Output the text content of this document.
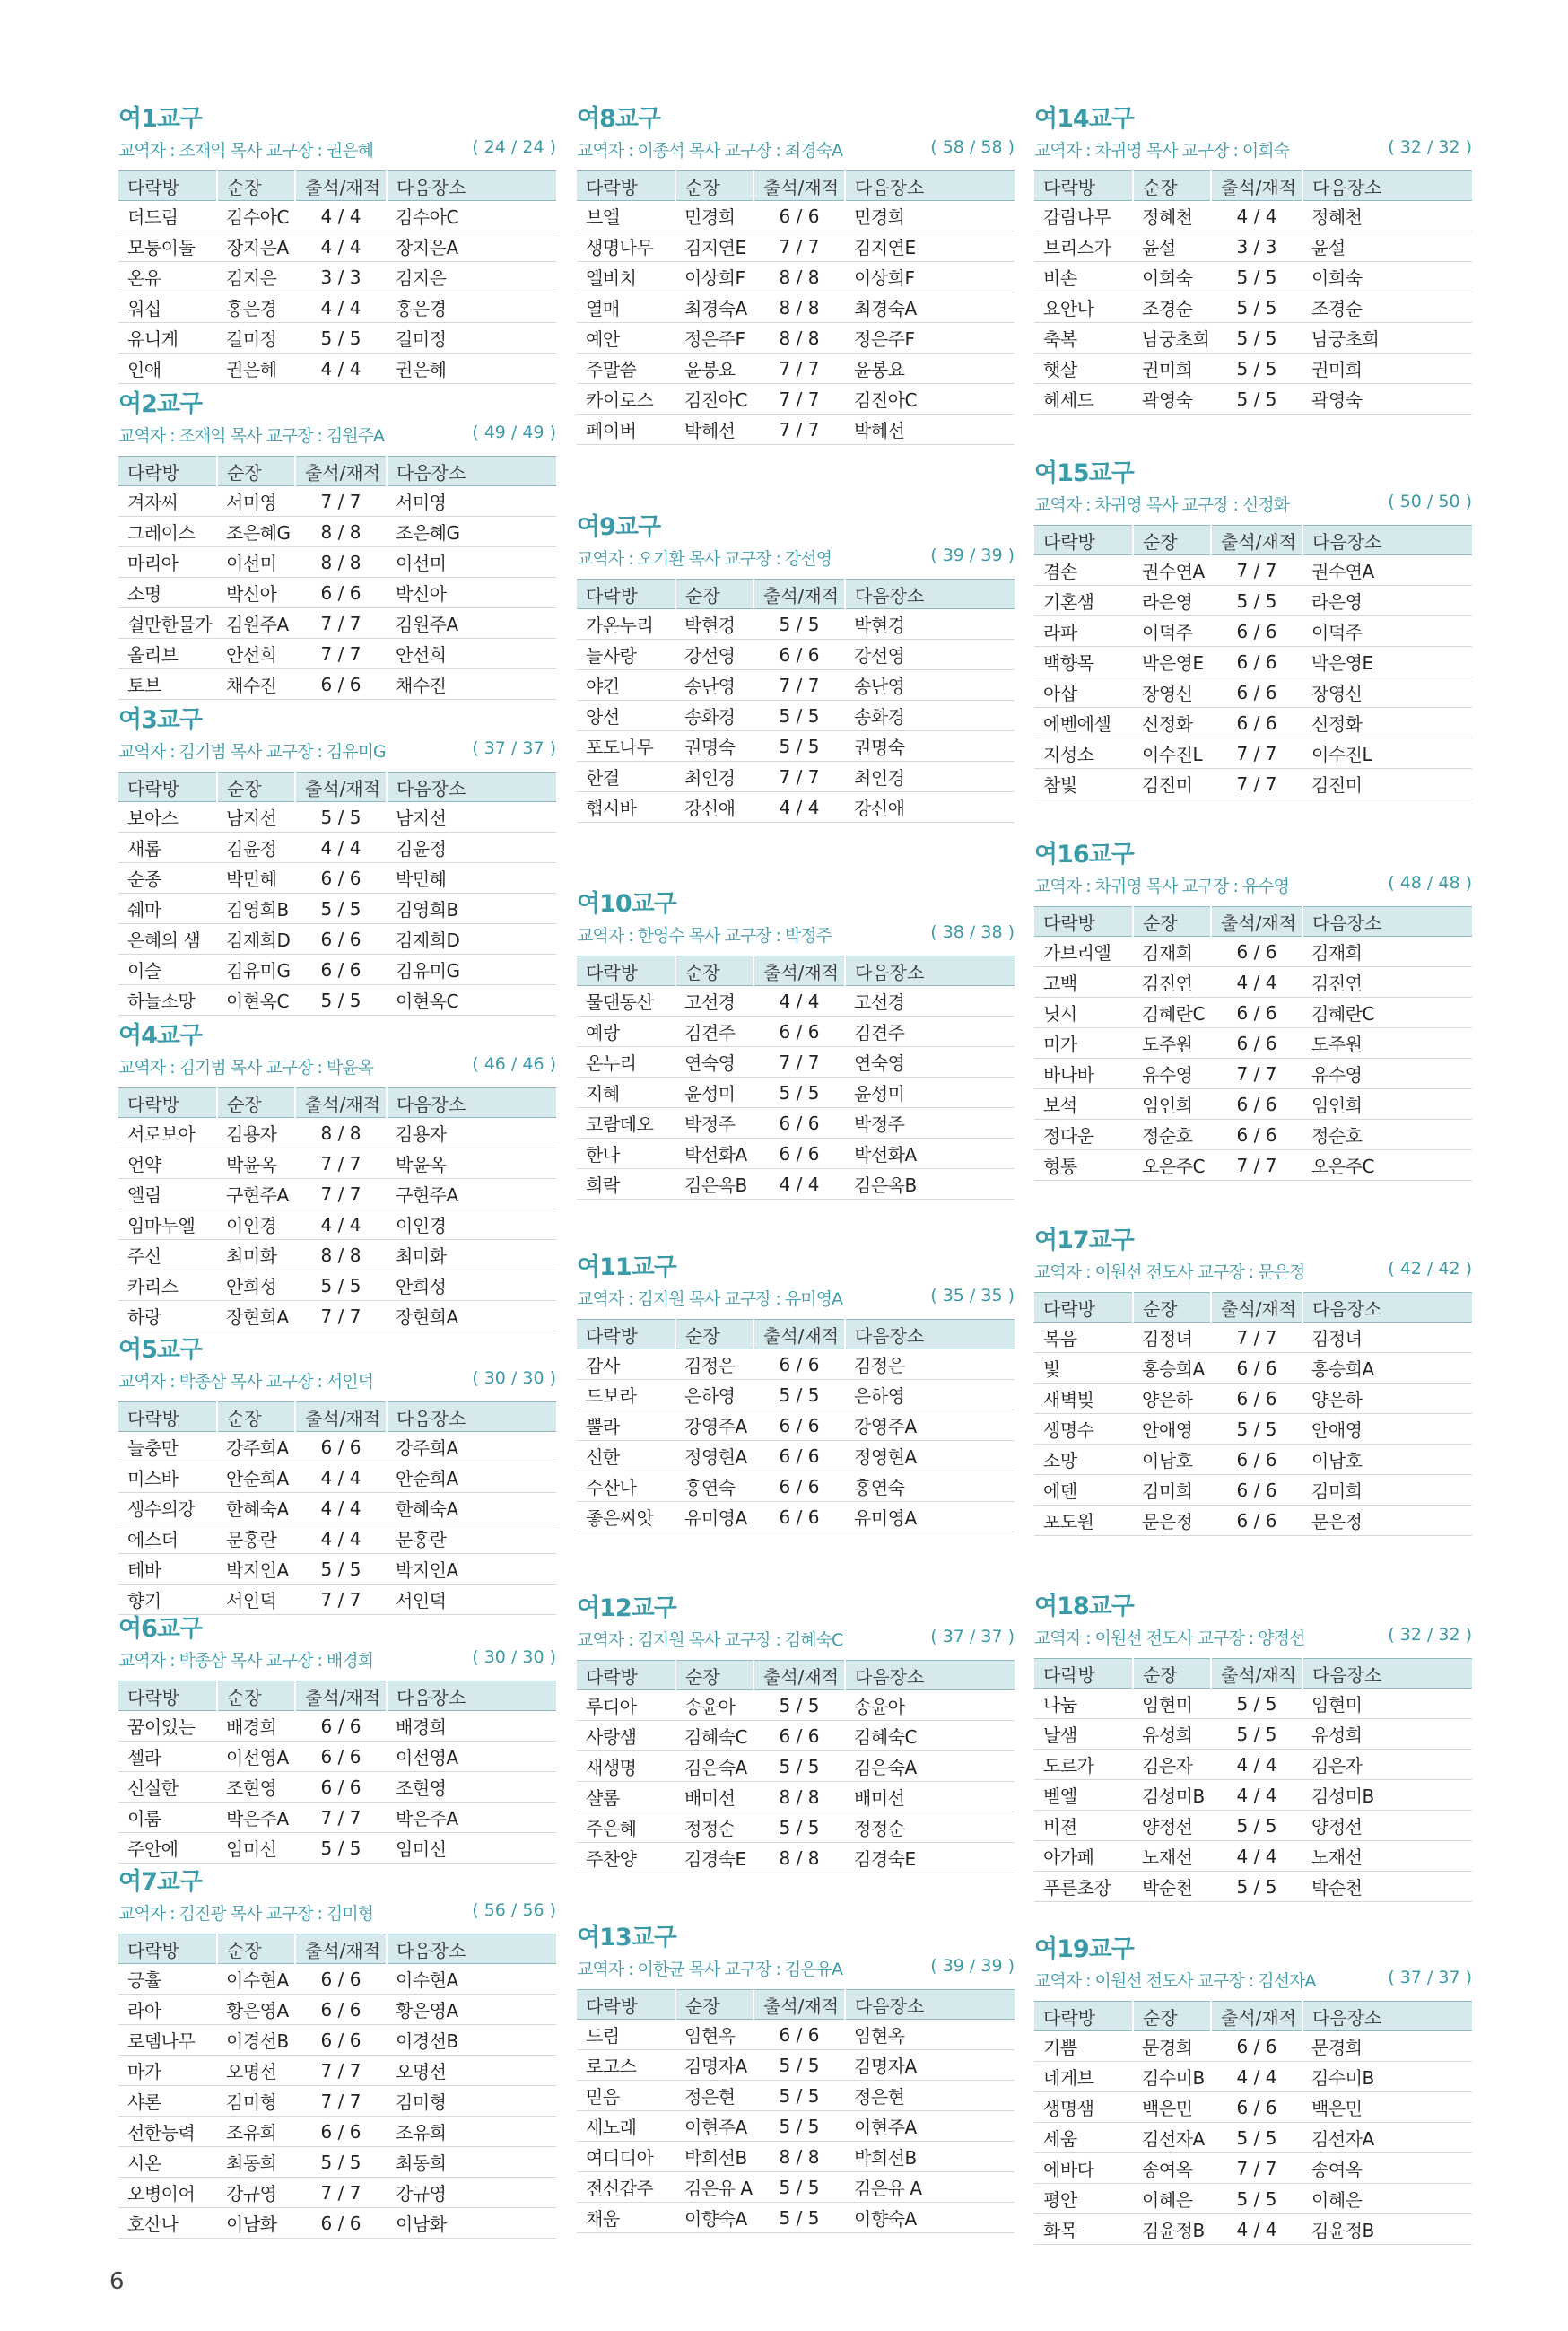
여1교구
교역자 : 조재익 목사 교구장 : 권은혜	( 24 / 24 )
다락방	순장	출석/재적	다음장소
더드림	김수아C	4 / 4	김수아C
모퉁이돌	장지은A	4 / 4	장지은A
온유	김지은	3 / 3	김지은
워십	홍은경	4 / 4	홍은경
유니게	길미정	5 / 5	길미정
인애	권은혜	4 / 4	권은혜
여2교구
교역자 : 조재익 목사 교구장 : 김원주A	( 49 / 49 )
다락방	순장	출석/재적	다음장소
겨자씨	서미영	7 / 7	서미영
그레이스	조은혜G	8 / 8	조은혜G
마리아	이선미	8 / 8	이선미
소명	박신아	6 / 6	박신아
쉴만한물가	김원주A	7 / 7	김원주A
올리브	안선희	7 / 7	안선희
토브	채수진	6 / 6	채수진
여3교구
교역자 : 김기범 목사 교구장 : 김유미G	( 37 / 37 )
다락방	순장	출석/재적	다음장소
보아스	남지선	5 / 5	남지선
새롬	김윤정	4 / 4	김윤정
순종	박민혜	6 / 6	박민혜
쉐마	김영희B	5 / 5	김영희B
은혜의 샘	김재희D	6 / 6	김재희D
이슬	김유미G	6 / 6	김유미G
하늘소망	이현옥C	5 / 5	이현옥C
여4교구
교역자 : 김기범 목사 교구장 : 박윤옥	( 46 / 46 )
다락방	순장	출석/재적	다음장소
서로보아	김용자	8 / 8	김용자
언약	박윤옥	7 / 7	박윤옥
엘림	구현주A	7 / 7	구현주A
임마누엘	이인경	4 / 4	이인경
주신	최미화	8 / 8	최미화
카리스	안희성	5 / 5	안희성
하랑	장현희A	7 / 7	장현희A
여5교구
교역자 : 박종삼 목사 교구장 : 서인덕	( 30 / 30 )
다락방	순장	출석/재적	다음장소
늘충만	강주희A	6 / 6	강주희A
미스바	안순희A	4 / 4	안순희A
생수의강	한혜숙A	4 / 4	한혜숙A
에스더	문홍란	4 / 4	문홍란
테바	박지인A	5 / 5	박지인A
향기	서인덕	7 / 7	서인덕
여6교구
교역자 : 박종삼 목사 교구장 : 배경희	( 30 / 30 )
다락방	순장	출석/재적	다음장소
꿈이있는	배경희	6 / 6	배경희
셀라	이선영A	6 / 6	이선영A
신실한	조현영	6 / 6	조현영
이룸	박은주A	7 / 7	박은주A
주안에	임미선	5 / 5	임미선
여7교구
교역자 : 김진광 목사 교구장 : 김미형	( 56 / 56 )
다락방	순장	출석/재적	다음장소
긍휼	이수현A	6 / 6	이수현A
라아	황은영A	6 / 6	황은영A
로뎀나무	이경선B	6 / 6	이경선B
마가	오명선	7 / 7	오명선
샤론	김미형	7 / 7	김미형
선한능력	조유희	6 / 6	조유희
시온	최동희	5 / 5	최동희
오병이어	강규영	7 / 7	강규영
호산나	이남화	6 / 6	이남화
여8교구
교역자 : 이종석 목사 교구장 : 최경숙A	( 58 / 58 )
다락방	순장	출석/재적	다음장소
브엘	민경희	6 / 6	민경희
생명나무	김지연E	7 / 7	김지연E
엘비치	이상희F	8 / 8	이상희F
열매	최경숙A	8 / 8	최경숙A
예안	정은주F	8 / 8	정은주F
주말씀	윤봉요	7 / 7	윤봉요
카이로스	김진아C	7 / 7	김진아C
페이버	박혜선	7 / 7	박혜선
여9교구
교역자 : 오기환 목사 교구장 : 강선영	( 39 / 39 )
다락방	순장	출석/재적	다음장소
가온누리	박현경	5 / 5	박현경
늘사랑	강선영	6 / 6	강선영
야긴	송난영	7 / 7	송난영
양선	송화경	5 / 5	송화경
포도나무	권명숙	5 / 5	권명숙
한결	최인경	7 / 7	최인경
햅시바	강신애	4 / 4	강신애
여10교구
교역자 : 한영수 목사 교구장 : 박정주	( 38 / 38 )
다락방	순장	출석/재적	다음장소
물댄동산	고선경	4 / 4	고선경
예랑	김견주	6 / 6	김견주
온누리	연숙영	7 / 7	연숙영
지혜	윤성미	5 / 5	윤성미
코람데오	박정주	6 / 6	박정주
한나	박선화A	6 / 6	박선화A
희락	김은옥B	4 / 4	김은옥B
여11교구
교역자 : 김지원 목사 교구장 : 유미영A	( 35 / 35 )
다락방	순장	출석/재적	다음장소
감사	김정은	6 / 6	김정은
드보라	은하영	5 / 5	은하영
뿔라	강영주A	6 / 6	강영주A
선한	정영현A	6 / 6	정영현A
수산나	홍연숙	6 / 6	홍연숙
좋은씨앗	유미영A	6 / 6	유미영A
여12교구
교역자 : 김지원 목사 교구장 : 김혜숙C	( 37 / 37 )
다락방	순장	출석/재적	다음장소
루디아	송윤아	5 / 5	송윤아
사랑샘	김혜숙C	6 / 6	김혜숙C
새생명	김은숙A	5 / 5	김은숙A
샬롬	배미선	8 / 8	배미선
주은혜	정정순	5 / 5	정정순
주찬양	김경숙E	8 / 8	김경숙E
여13교구
교역자 : 이한균 목사 교구장 : 김은유A	( 39 / 39 )
다락방	순장	출석/재적	다음장소
드림	임현옥	6 / 6	임현옥
로고스	김명자A	5 / 5	김명자A
믿음	정은현	5 / 5	정은현
새노래	이현주A	5 / 5	이현주A
여디디아	박희선B	8 / 8	박희선B
전신갑주	김은유 A	5 / 5	김은유 A
채움	이향숙A	5 / 5	이향숙A
여14교구
교역자 : 차귀영 목사 교구장 : 이희숙	( 32 / 32 )
다락방	순장	출석/재적	다음장소
감람나무	정혜천	4 / 4	정혜천
브리스가	윤설	3 / 3	윤설
비손	이희숙	5 / 5	이희숙
요안나	조경순	5 / 5	조경순
축복	남궁초희	5 / 5	남궁초희
햇살	권미희	5 / 5	권미희
헤세드	곽영숙	5 / 5	곽영숙
여15교구
교역자 : 차귀영 목사 교구장 : 신정화	( 50 / 50 )
다락방	순장	출석/재적	다음장소
겸손	권수연A	7 / 7	권수연A
기혼샘	라은영	5 / 5	라은영
라파	이덕주	6 / 6	이덕주
백향목	박은영E	6 / 6	박은영E
아삽	장영신	6 / 6	장영신
에벤에셀	신정화	6 / 6	신정화
지성소	이수진L	7 / 7	이수진L
참빛	김진미	7 / 7	김진미
여16교구
교역자 : 차귀영 목사 교구장 : 유수영	( 48 / 48 )
다락방	순장	출석/재적	다음장소
가브리엘	김재희	6 / 6	김재희
고백	김진연	4 / 4	김진연
닛시	김혜란C	6 / 6	김혜란C
미가	도주원	6 / 6	도주원
바나바	유수영	7 / 7	유수영
보석	임인희	6 / 6	임인희
정다운	정순호	6 / 6	정순호
형통	오은주C	7 / 7	오은주C
여17교구
교역자 : 이원선 전도사 교구장 : 문은정	( 42 / 42 )
다락방	순장	출석/재적	다음장소
복음	김정녀	7 / 7	김정녀
빛	홍승희A	6 / 6	홍승희A
새벽빛	양은하	6 / 6	양은하
생명수	안애영	5 / 5	안애영
소망	이남호	6 / 6	이남호
에덴	김미희	6 / 6	김미희
포도원	문은정	6 / 6	문은정
여18교구
교역자 : 이원선 전도사 교구장 : 양정선	( 32 / 32 )
다락방	순장	출석/재적	다음장소
나눔	임현미	5 / 5	임현미
날샘	유성희	5 / 5	유성희
도르가	김은자	4 / 4	김은자
벧엘	김성미B	4 / 4	김성미B
비젼	양정선	5 / 5	양정선
아가페	노재선	4 / 4	노재선
푸른초장	박순천	5 / 5	박순천
여19교구
교역자 : 이원선 전도사 교구장 : 김선자A	( 37 / 37 )
다락방	순장	출석/재적	다음장소
기쁨	문경희	6 / 6	문경희
네게브	김수미B	4 / 4	김수미B
생명샘	백은민	6 / 6	백은민
세움	김선자A	5 / 5	김선자A
에바다	송여옥	7 / 7	송여옥
평안	이혜은	5 / 5	이혜은
화목	김윤정B	4 / 4	김윤정B
6
